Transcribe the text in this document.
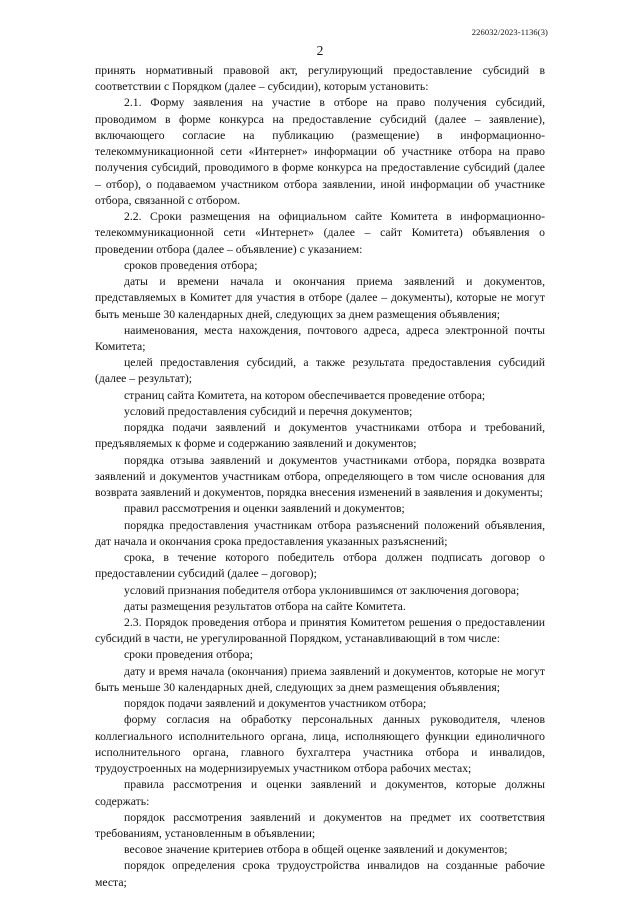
226032/2023-1136(3)
2

принять нормативный правовой акт, регулирующий предоставление субсидий в соответствии с Порядком (далее – субсидии), которым установить:

2.1. Форму заявления на участие в отборе на право получения субсидий, проводимом в форме конкурса на предоставление субсидий (далее – заявление), включающего согласие на публикацию (размещение) в информационно-телекоммуникационной сети «Интернет» информации об участнике отбора на право получения субсидий, проводимого в форме конкурса на предоставление субсидий (далее – отбор), о подаваемом участником отбора заявлении, иной информации об участнике отбора, связанной с отбором.

2.2. Сроки размещения на официальном сайте Комитета в информационно-телекоммуникационной сети «Интернет» (далее – сайт Комитета) объявления о проведении отбора (далее – объявление) с указанием:

сроков проведения отбора;

даты и времени начала и окончания приема заявлений и документов, представляемых в Комитет для участия в отборе (далее – документы), которые не могут быть меньше 30 календарных дней, следующих за днем размещения объявления;

наименования, места нахождения, почтового адреса, адреса электронной почты Комитета;

целей предоставления субсидий, а также результата предоставления субсидий (далее – результат);

страниц сайта Комитета, на котором обеспечивается проведение отбора;

условий предоставления субсидий и перечня документов;

порядка подачи заявлений и документов участниками отбора и требований, предъявляемых к форме и содержанию заявлений и документов;

порядка отзыва заявлений и документов участниками отбора, порядка возврата заявлений и документов участникам отбора, определяющего в том числе основания для возврата заявлений и документов, порядка внесения изменений в заявления и документы;

правил рассмотрения и оценки заявлений и документов;

порядка предоставления участникам отбора разъяснений положений объявления, дат начала и окончания срока предоставления указанных разъяснений;

срока, в течение которого победитель отбора должен подписать договор о предоставлении субсидий (далее – договор);

условий признания победителя отбора уклонившимся от заключения договора;

даты размещения результатов отбора на сайте Комитета.

2.3. Порядок проведения отбора и принятия Комитетом решения о предоставлении субсидий в части, не урегулированной Порядком, устанавливающий в том числе:

сроки проведения отбора;

дату и время начала (окончания) приема заявлений и документов, которые не могут быть меньше 30 календарных дней, следующих за днем размещения объявления;

порядок подачи заявлений и документов участником отбора;

форму согласия на обработку персональных данных руководителя, членов коллегиального исполнительного органа, лица, исполняющего функции единоличного исполнительного органа, главного бухгалтера участника отбора и инвалидов, трудоустроенных на модернизируемых участником отбора рабочих местах;

правила рассмотрения и оценки заявлений и документов, которые должны содержать:

порядок рассмотрения заявлений и документов на предмет их соответствия требованиям, установленным в объявлении;

весовое значение критериев отбора в общей оценке заявлений и документов;

порядок определения срока трудоустройства инвалидов на созданные рабочие места;
